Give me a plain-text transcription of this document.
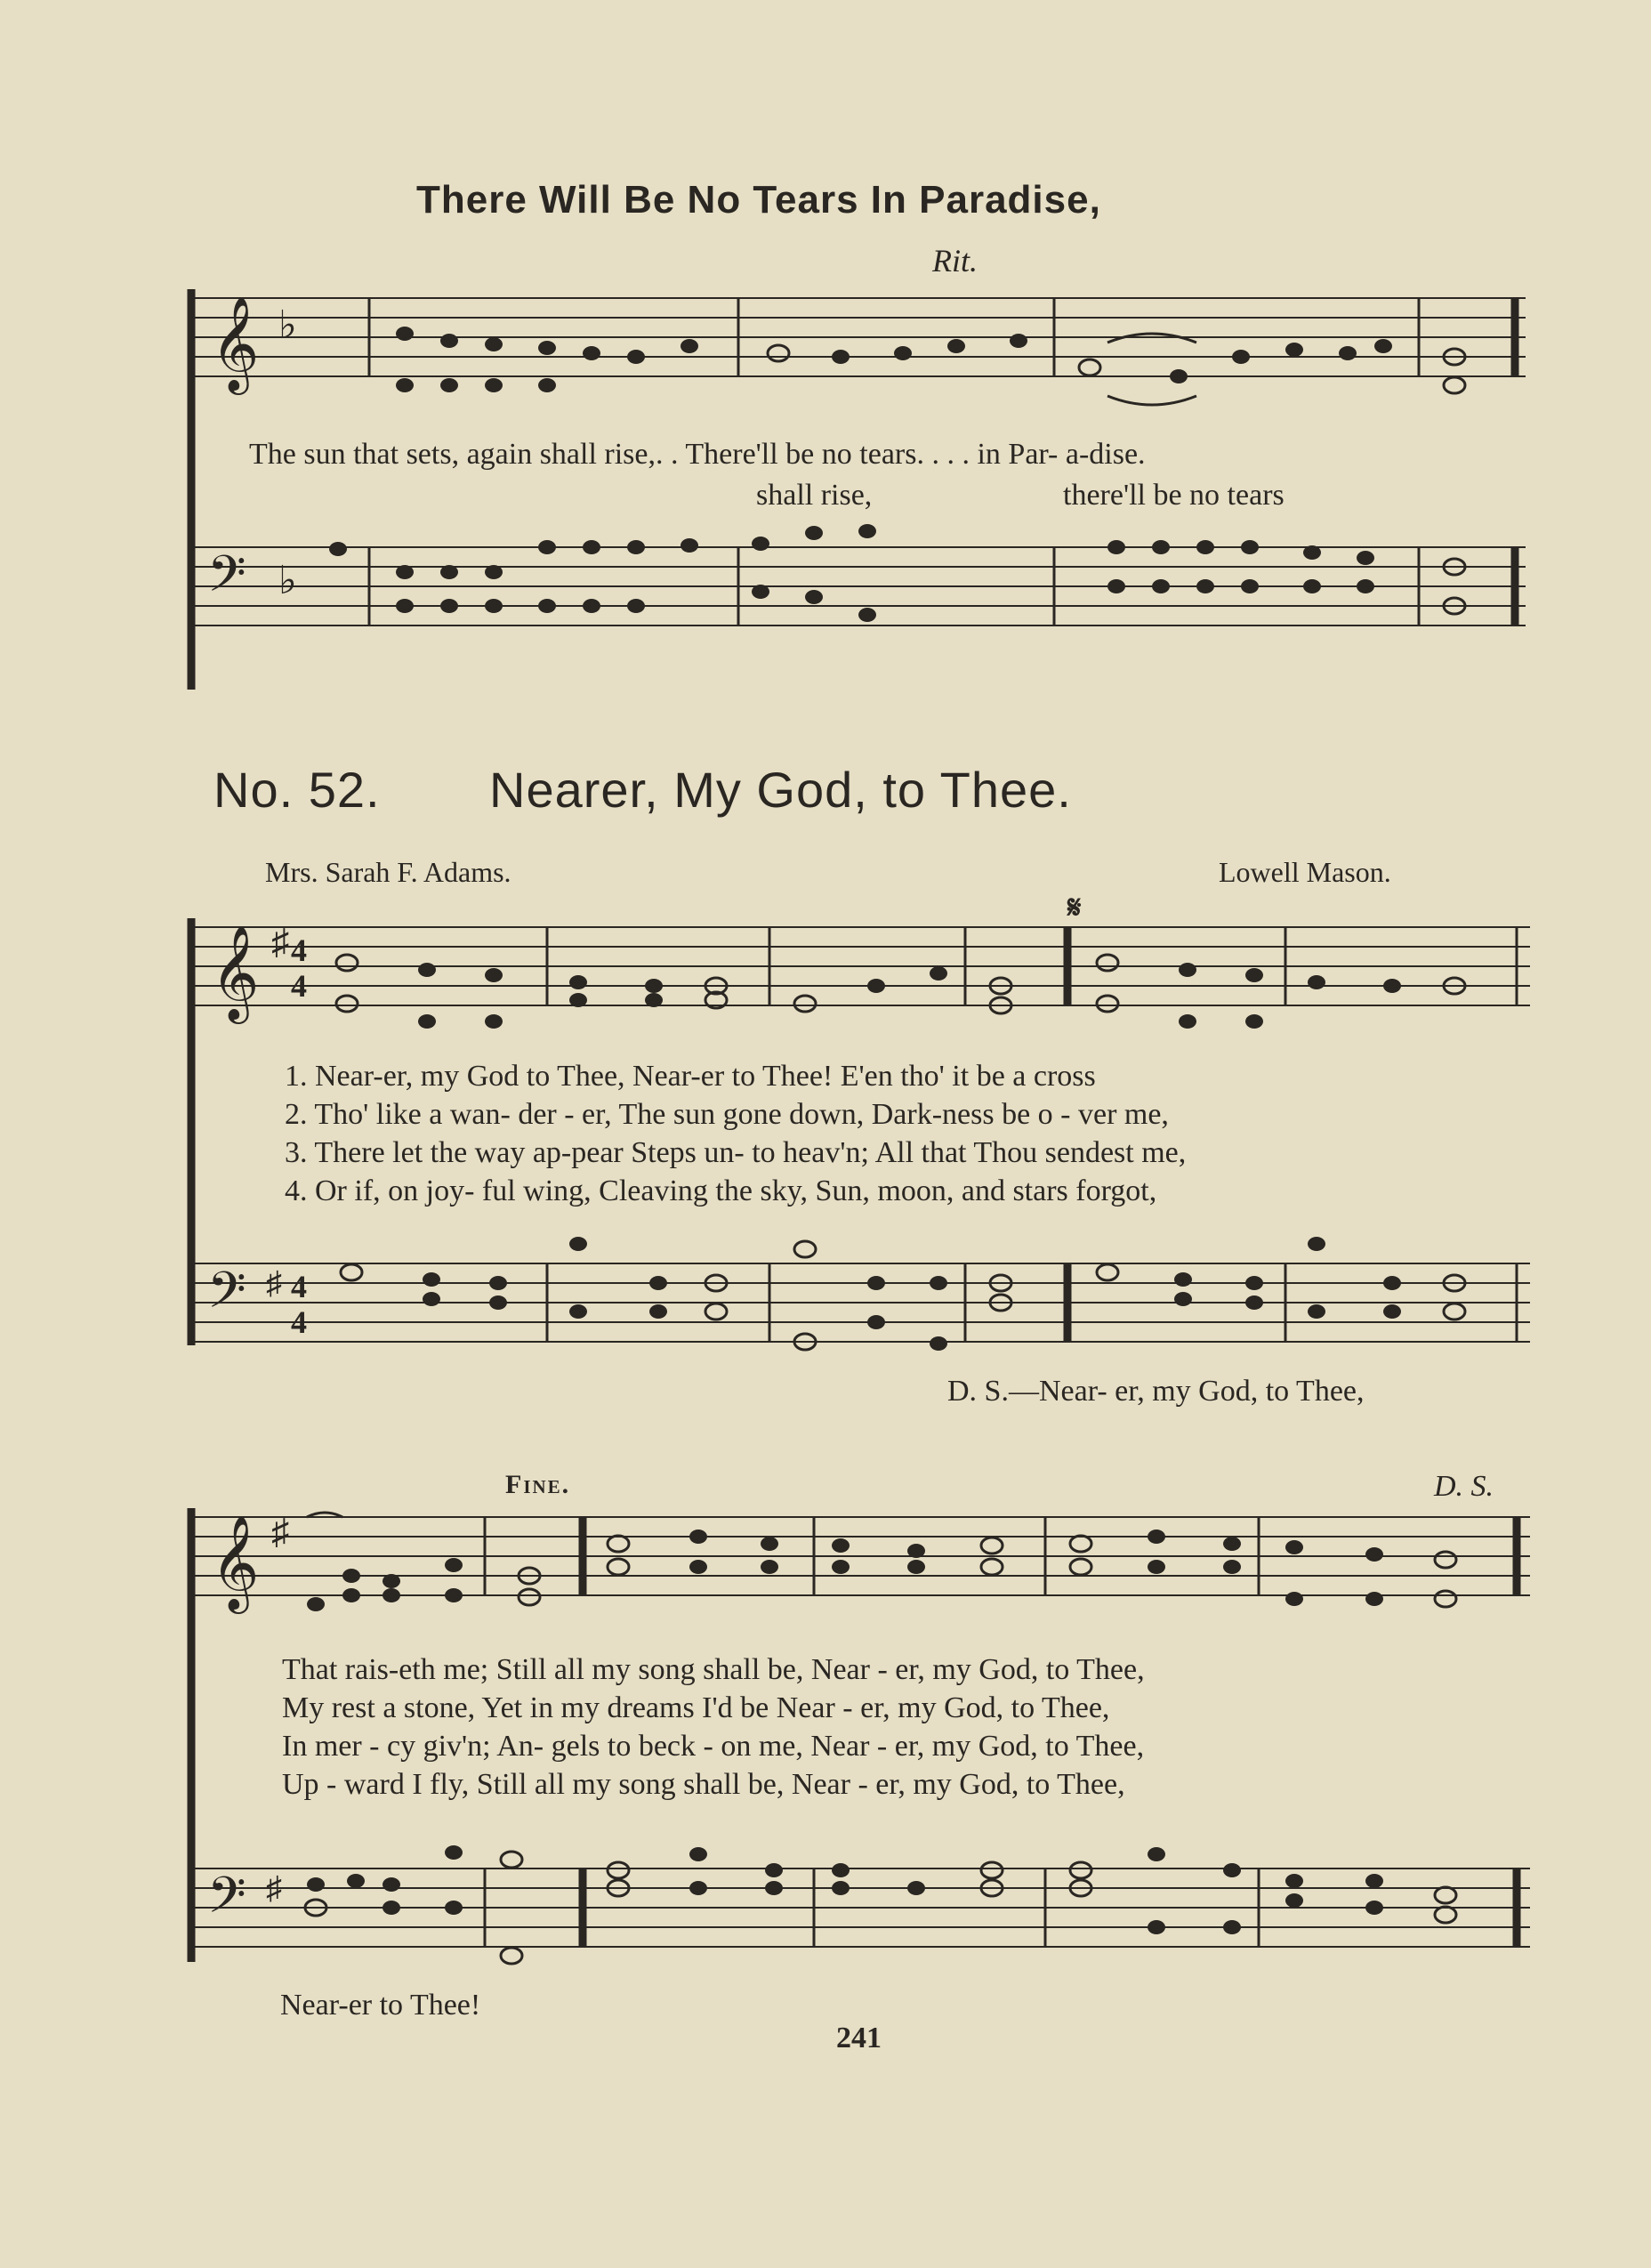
There Will Be No Tears In Paradise,
Rit.
𝄞 ♭
The sun that sets, again shall rise,. . There'll be no tears. . . . in Par- a-dise.
shall rise,	there'll be no tears
𝄢 ♭
No. 52. Nearer, My God, to Thee.
Mrs. Sarah F. Adams.	Lowell Mason.
𝄞 ♯ 4
4
𝄋
1. Near-er, my God to Thee, Near-er to Thee! E'en tho' it be a cross
2. Tho' like a wan- der - er, The sun gone down, Dark-ness be o - ver me,
3. There let the way ap-pear Steps un- to heav'n; All that Thou sendest me,
4. Or if, on joy- ful wing, Cleaving the sky, Sun, moon, and stars forgot,
𝄢 ♯ 4
4
D. S.—Near- er, my God, to Thee,
Fine.	D. S.
𝄞 ♯
That rais-eth me; Still all my song shall be, Near - er, my God, to Thee,
My rest a stone, Yet in my dreams I'd be Near - er, my God, to Thee,
In mer - cy giv'n; An- gels to beck - on me, Near - er, my God, to Thee,
Up - ward I fly, Still all my song shall be, Near - er, my God, to Thee,
𝄢 ♯
Near-er to Thee!
241
